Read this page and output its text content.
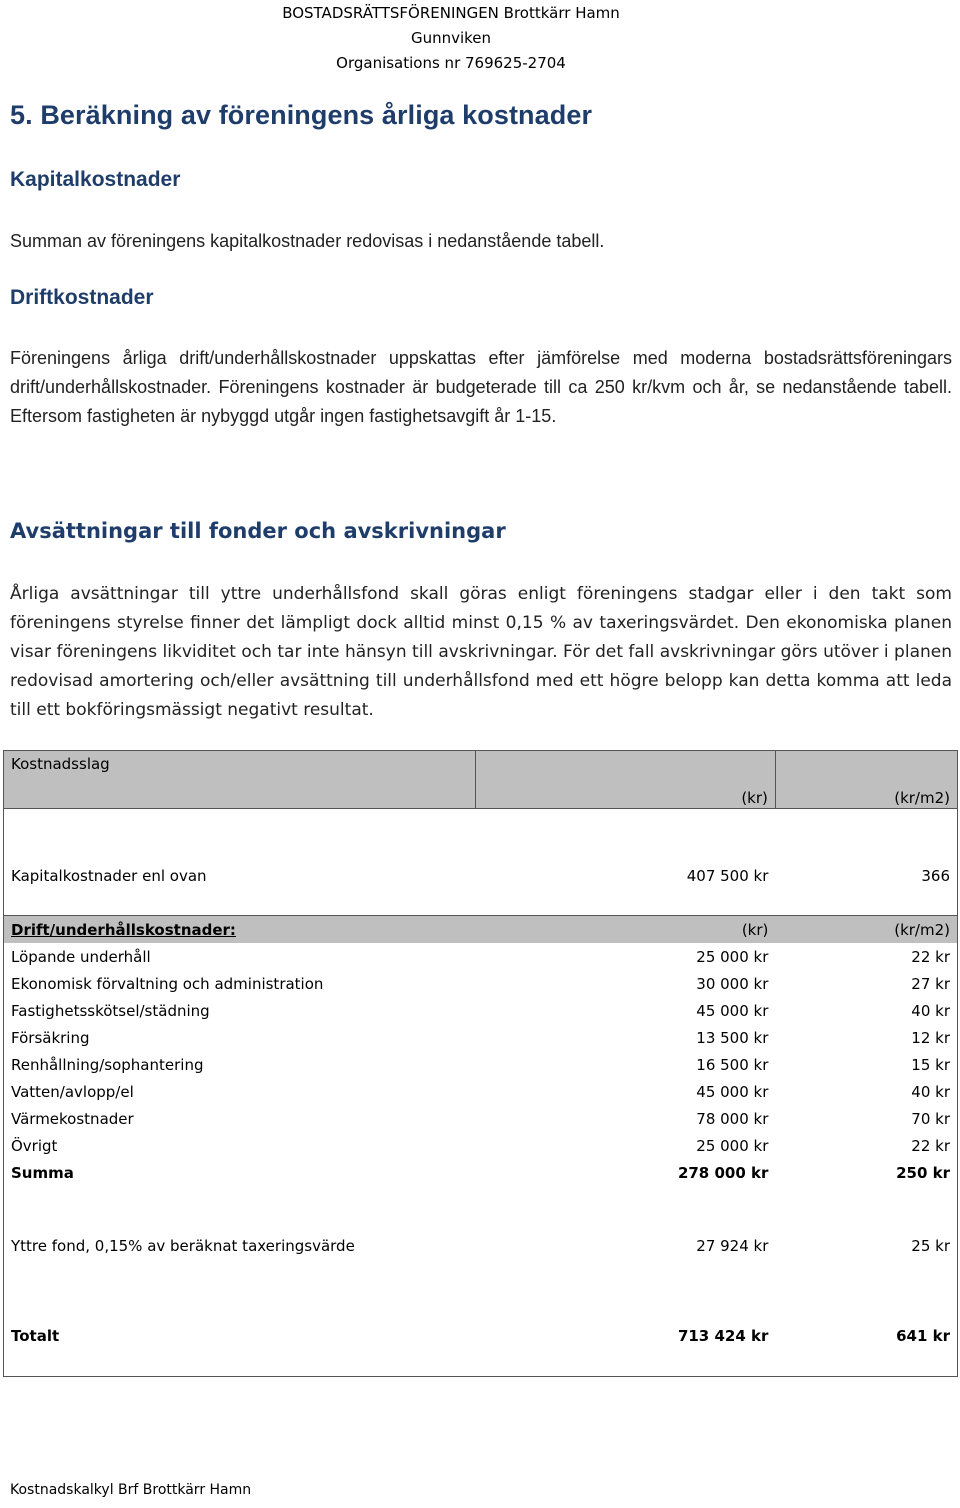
BOSTADSRÄTTSFÖRENINGEN Brottkärr Hamn
Gunnviken
Organisations nr 769625-2704
5. Beräkning av föreningens årliga kostnader
Kapitalkostnader
Summan av föreningens kapitalkostnader redovisas i nedanstående tabell.
Driftkostnader
Föreningens årliga drift/underhållskostnader uppskattas efter jämförelse med moderna bostadsrättsföreningars drift/underhållskostnader. Föreningens kostnader är budgeterade till ca 250 kr/kvm och år, se nedanstående tabell. Eftersom fastigheten är nybyggd utgår ingen fastighetsavgift år 1-15.
Avsättningar till fonder och avskrivningar
Årliga avsättningar till yttre underhållsfond skall göras enligt föreningens stadgar eller i den takt som föreningens styrelse finner det lämpligt dock alltid minst 0,15 % av taxeringsvärdet. Den ekonomiska planen visar föreningens likviditet och tar inte hänsyn till avskrivningar. För det fall avskrivningar görs utöver i planen redovisad amortering och/eller avsättning till underhållsfond med ett högre belopp kan detta komma att leda till ett bokföringsmässigt negativt resultat.
Kostnadsslag	(kr)	(kr/m2)
Kapitalkostnader enl ovan	407 500 kr	366
Drift/underhållskostnader:	(kr)	(kr/m2)
Löpande underhåll	25 000 kr	22 kr
Ekonomisk förvaltning och administration	30 000 kr	27 kr
Fastighetsskötsel/städning	45 000 kr	40 kr
Försäkring	13 500 kr	12 kr
Renhållning/sophantering	16 500 kr	15 kr
Vatten/avlopp/el	45 000 kr	40 kr
Värmekostnader	78 000 kr	70 kr
Övrigt	25 000 kr	22 kr
Summa	278 000 kr	250 kr
Yttre fond, 0,15% av beräknat taxeringsvärde	27 924 kr	25 kr
Totalt	713 424 kr	641 kr
Kostnadskalkyl Brf Brottkärr Hamn
